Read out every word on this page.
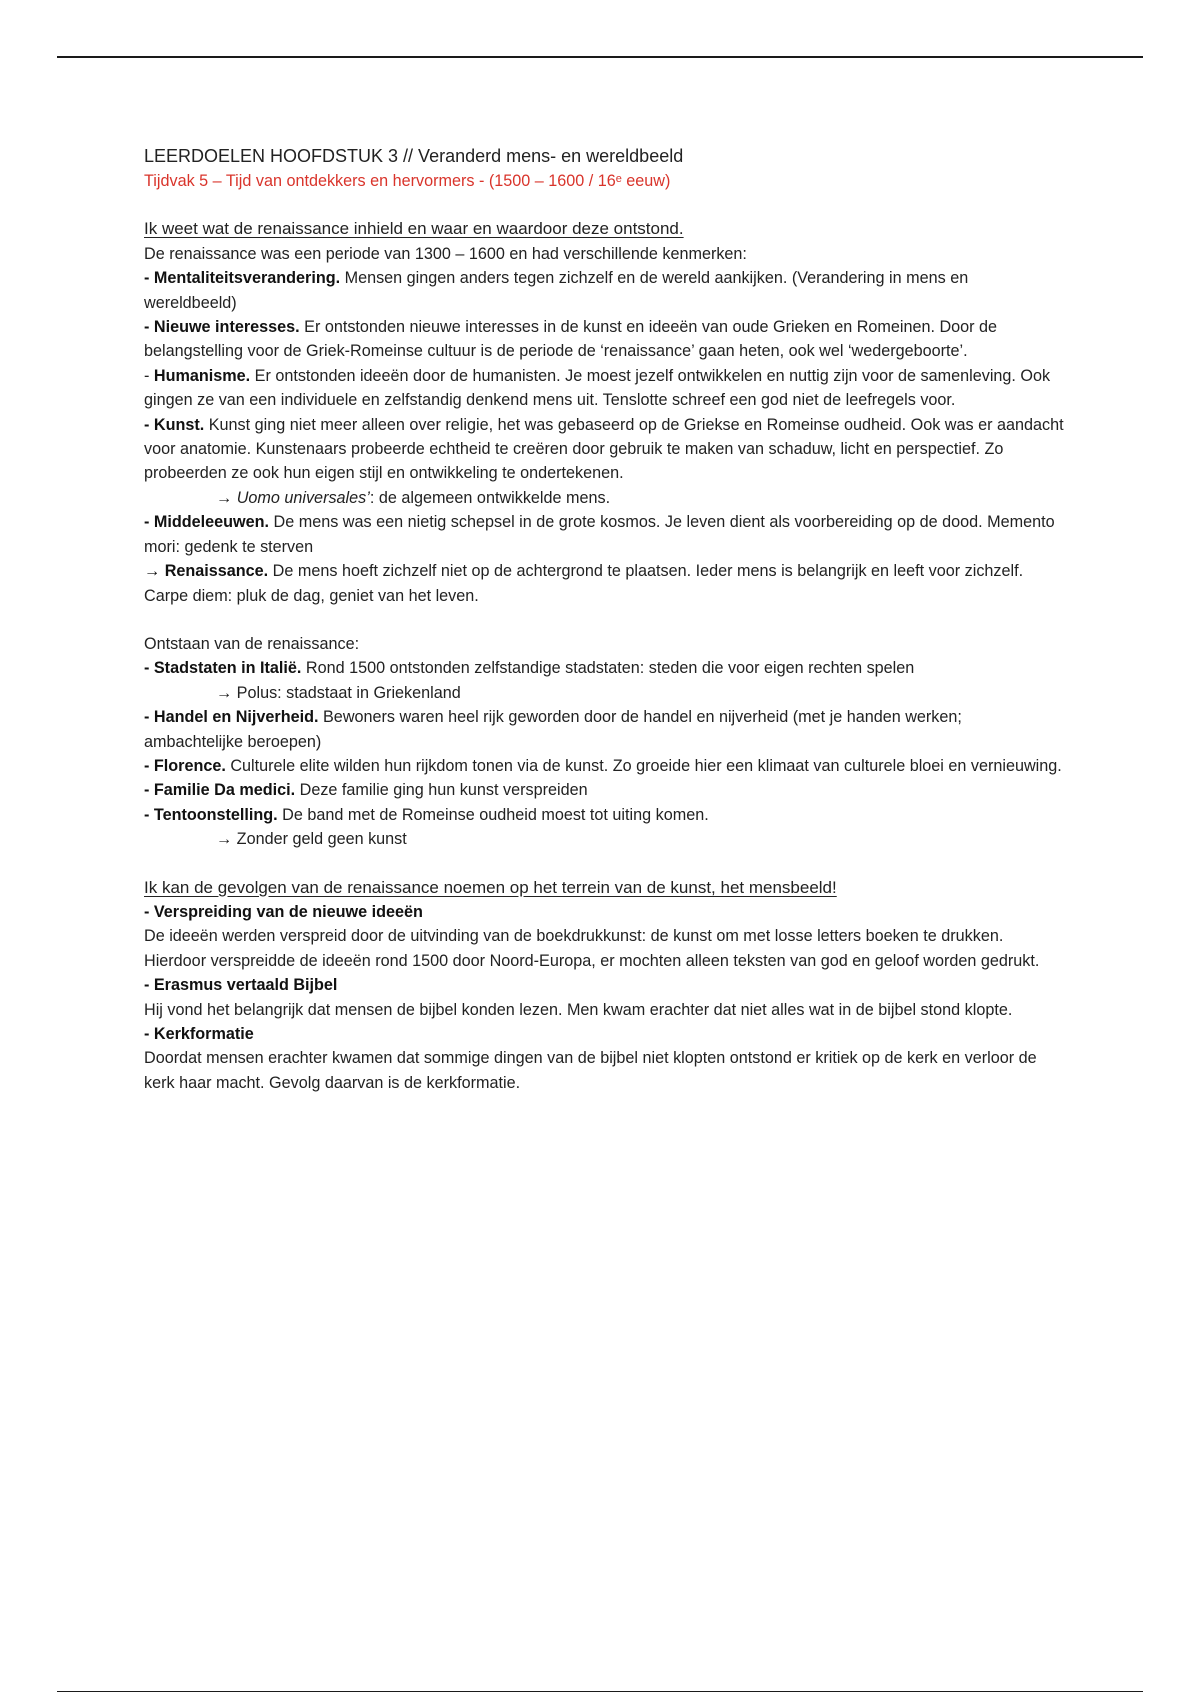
LEERDOELEN HOOFDSTUK 3 // Veranderd mens- en wereldbeeld

Tijdvak 5 – Tijd van ontdekkers en hervormers - (1500 – 1600 / 16ᵉ eeuw)

Ik weet wat de renaissance inhield en waar en waardoor deze ontstond.

De renaissance was een periode van 1300 – 1600 en had verschillende kenmerken:

- Mentaliteitsverandering. Mensen gingen anders tegen zichzelf en de wereld aankijken. (Verandering in mens en wereldbeeld)

- Nieuwe interesses. Er ontstonden nieuwe interesses in de kunst en ideeën van oude Grieken en Romeinen. Door de belangstelling voor de Griek-Romeinse cultuur is de periode de ‘renaissance’ gaan heten, ook wel ‘wedergeboorte’.

- Humanisme. Er ontstonden ideeën door de humanisten. Je moest jezelf ontwikkelen en nuttig zijn voor de samenleving. Ook gingen ze van een individuele en zelfstandig denkend mens uit. Tenslotte schreef een god niet de leefregels voor.

- Kunst. Kunst ging niet meer alleen over religie, het was gebaseerd op de Griekse en Romeinse oudheid. Ook was er aandacht voor anatomie. Kunstenaars probeerde echtheid te creëren door gebruik te maken van schaduw, licht en perspectief. Zo probeerden ze ook hun eigen stijl en ontwikkeling te ondertekenen.

→ Uomo universales’: de algemeen ontwikkelde mens.

- Middeleeuwen. De mens was een nietig schepsel in de grote kosmos. Je leven dient als voorbereiding op de dood. Memento mori: gedenk te sterven

→ Renaissance. De mens hoeft zichzelf niet op de achtergrond te plaatsen. Ieder mens is belangrijk en leeft voor zichzelf. Carpe diem: pluk de dag, geniet van het leven.

Ontstaan van de renaissance:

- Stadstaten in Italië. Rond 1500 ontstonden zelfstandige stadstaten: steden die voor eigen rechten spelen

→ Polus: stadstaat in Griekenland

- Handel en Nijverheid. Bewoners waren heel rijk geworden door de handel en nijverheid (met je handen werken; ambachtelijke beroepen)

- Florence. Culturele elite wilden hun rijkdom tonen via de kunst. Zo groeide hier een klimaat van culturele bloei en vernieuwing.

- Familie Da medici. Deze familie ging hun kunst verspreiden

- Tentoonstelling. De band met de Romeinse oudheid moest tot uiting komen.

→ Zonder geld geen kunst

Ik kan de gevolgen van de renaissance noemen op het terrein van de kunst, het mensbeeld!

- Verspreiding van de nieuwe ideeën

De ideeën werden verspreid door de uitvinding van de boekdrukkunst: de kunst om met losse letters boeken te drukken. Hierdoor verspreidde de ideeën rond 1500 door Noord-Europa, er mochten alleen teksten van god en geloof worden gedrukt.

- Erasmus vertaald Bijbel

Hij vond het belangrijk dat mensen de bijbel konden lezen. Men kwam erachter dat niet alles wat in de bijbel stond klopte.

- Kerkformatie

Doordat mensen erachter kwamen dat sommige dingen van de bijbel niet klopten ontstond er kritiek op de kerk en verloor de kerk haar macht. Gevolg daarvan is de kerkformatie.
